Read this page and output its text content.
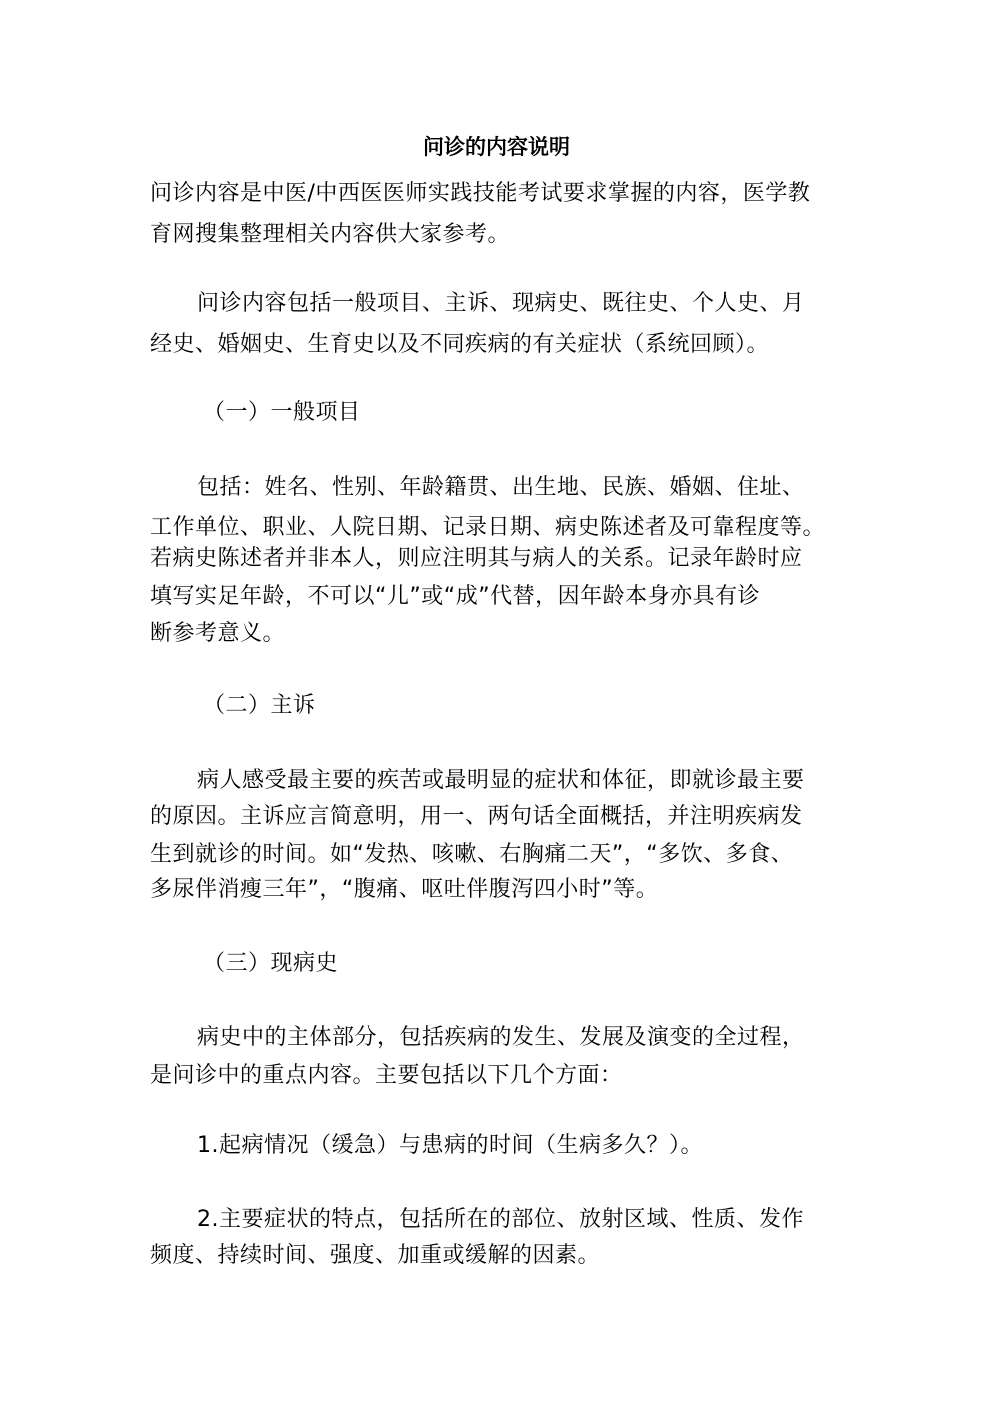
问诊的内容说明
问诊内容是中医/中西医医师实践技能考试要求掌握的内容，医学教
育网搜集整理相关内容供大家参考。
问诊内容包括一般项目、主诉、现病史、既往史、个人史、月
经史、婚姻史、生育史以及不同疾病的有关症状（系统回顾）。
（一）一般项目
包括：姓名、性别、年龄籍贯、出生地、民族、婚姻、住址、
工作单位、职业、人院日期、记录日期、病史陈述者及可靠程度等。
若病史陈述者并非本人，则应注明其与病人的关系。记录年龄时应
填写实足年龄，不可以“儿”或“成”代替，因年龄本身亦具有诊
断参考意义。
（二）主诉
病人感受最主要的疾苦或最明显的症状和体征，即就诊最主要
的原因。主诉应言简意明，用一、两句话全面概括，并注明疾病发
生到就诊的时间。如“发热、咳嗽、右胸痛二天”，“多饮、多食、
多尿伴消瘦三年”，“腹痛、呕吐伴腹泻四小时”等。
（三）现病史
病史中的主体部分，包括疾病的发生、发展及演变的全过程，
是问诊中的重点内容。主要包括以下几个方面：
1.起病情况（缓急）与患病的时间（生病多久？）。
2.主要症状的特点，包括所在的部位、放射区域、性质、发作
频度、持续时间、强度、加重或缓解的因素。
